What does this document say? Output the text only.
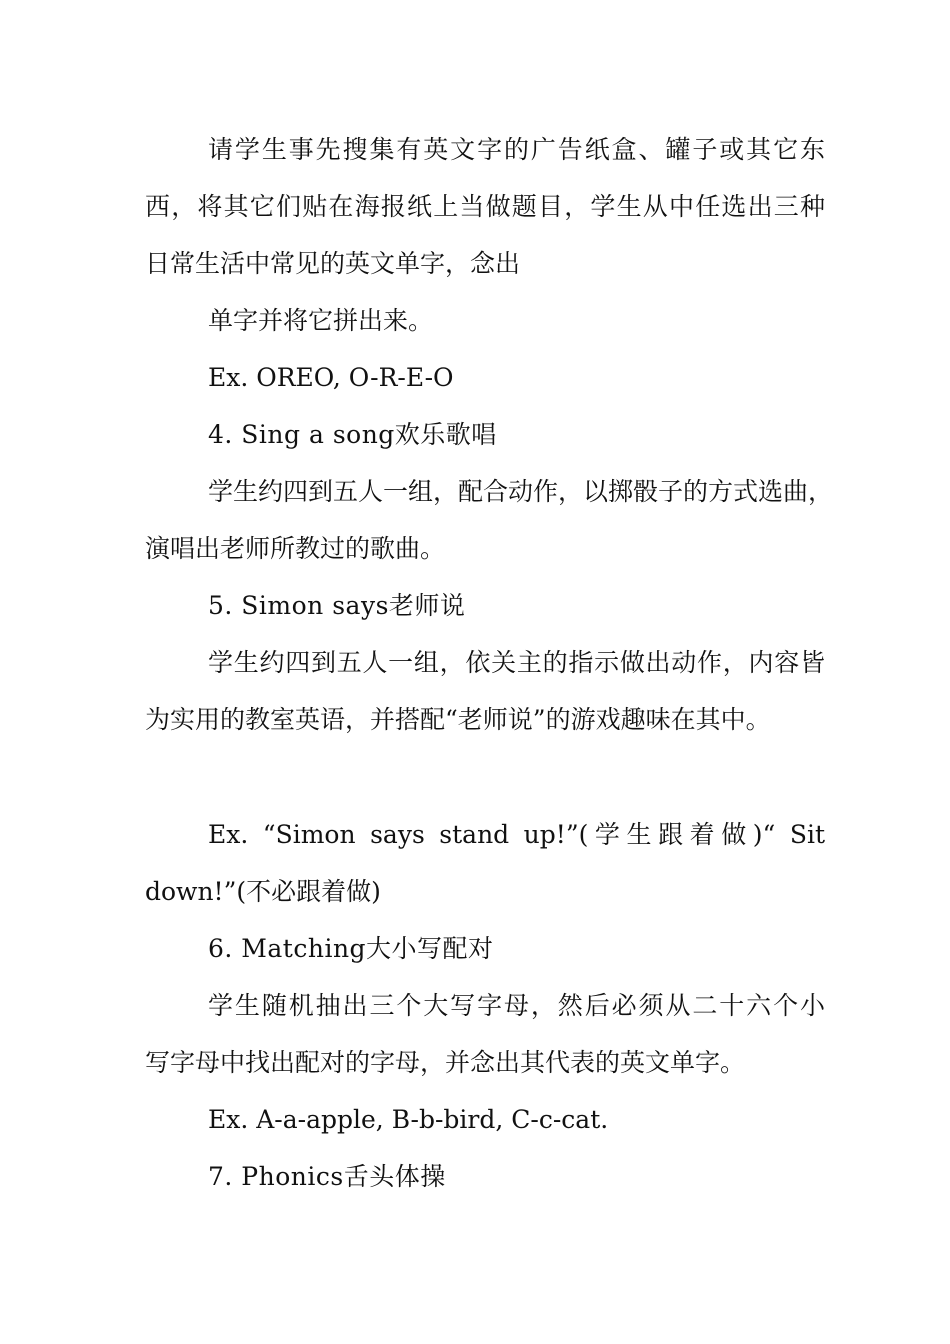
请学生事先搜集有英文字的广告纸盒、罐子或其它东
西，将其它们贴在海报纸上当做题目，学生从中任选出三种
日常生活中常见的英文单字，念出
单字并将它拼出来。
Ex. OREO, O-R-E-O
4. Sing a song欢乐歌唱
学生约四到五人一组，配合动作，以掷骰子的方式选曲，
演唱出老师所教过的歌曲。
5. Simon says老师说
学生约四到五人一组，依关主的指示做出动作，内容皆
为实用的教室英语，并搭配“老师说”的游戏趣味在其中。
Ex. “Simon says stand up!”(学生跟着做)“ Sit
down!”(不必跟着做)
6. Matching大小写配对
学生随机抽出三个大写字母，然后必须从二十六个小
写字母中找出配对的字母，并念出其代表的英文单字。
Ex. A-a-apple, B-b-bird, C-c-cat.
7. Phonics舌头体操
